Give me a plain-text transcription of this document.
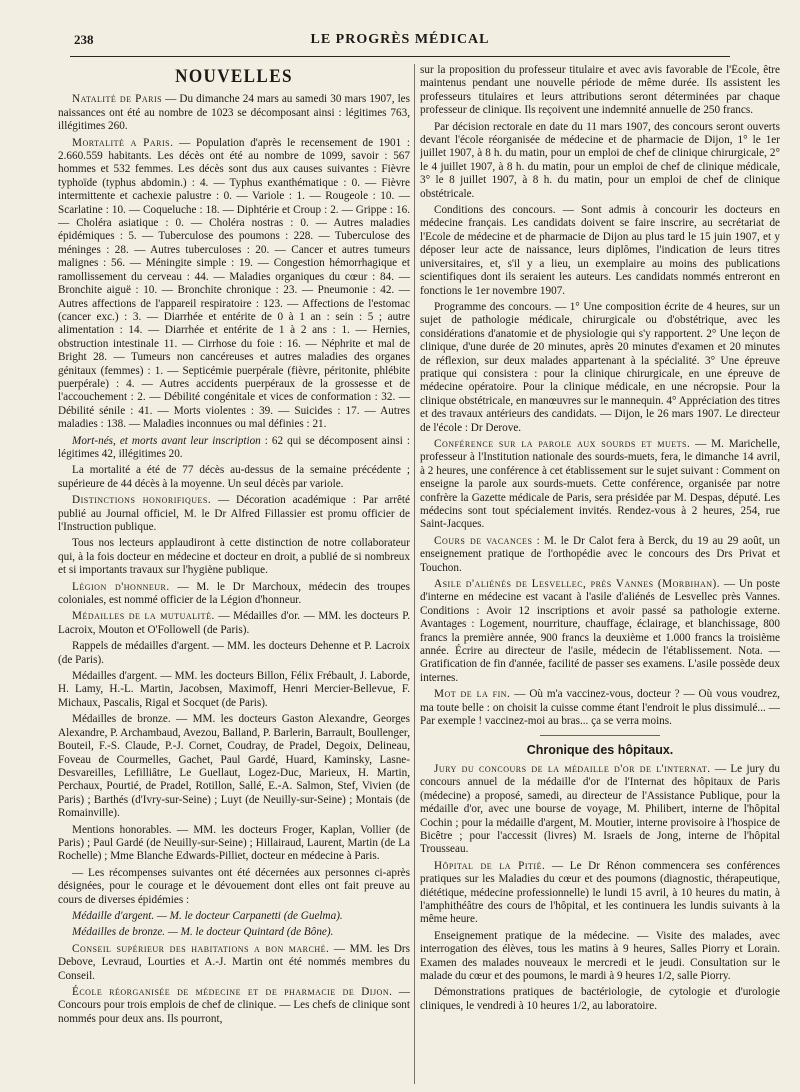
238	LE PROGRÈS MÉDICAL
NOUVELLES

Natalité de Paris — Du dimanche 24 mars au samedi 30 mars 1907, les naissances ont été au nombre de 1023 se décomposant ainsi : légitimes 763, illégitimes 260.

Mortalité a Paris. — Population d'après le recensement de 1901 : 2.660.559 habitants. Les décès ont été au nombre de 1099, savoir : 567 hommes et 532 femmes. Les décès sont dus aux causes suivantes : Fièvre typhoïde (typhus abdomin.) : 4. — Typhus exanthématique : 0. — Fièvre intermittente et cachexie palustre : 0. — Variole : 1. — Rougeole : 10. — Scarlatine : 10. — Coqueluche : 18. — Diphtérie et Croup : 2. — Grippe : 16. — Choléra asiatique : 0. — Choléra nostras : 0. — Autres maladies épidémiques : 5. — Tuberculose des poumons : 228. — Tuberculose des méninges : 28. — Autres tuberculoses : 20. — Cancer et autres tumeurs malignes : 56. — Méningite simple : 19. — Congestion hémorrhagique et ramollissement du cerveau : 44. — Maladies organiques du cœur : 84. — Bronchite aiguë : 10. — Bronchite chronique : 23. — Pneumonie : 42. — Autres affections de l'appareil respiratoire : 123. — Affections de l'estomac (cancer exc.) : 3. — Diarrhée et entérite de 0 à 1 an : sein : 5 ; autre alimentation : 14. — Diarrhée et entérite de 1 à 2 ans : 1. — Hernies, obstruction intestinale 11. — Cirrhose du foie : 16. — Néphrite et mal de Bright 28. — Tumeurs non cancéreuses et autres maladies des organes génitaux (femmes) : 1. — Septicémie puerpérale (fièvre, péritonite, phlébite puerpérale) : 4. — Autres accidents puerpéraux de la grossesse et de l'accouchement : 2. — Débilité congénitale et vices de conformation : 32. — Débilité sénile : 41. — Morts violentes : 39. — Suicides : 17. — Autres maladies : 138. — Maladies inconnues ou mal définies : 21.

Mort-nés, et morts avant leur inscription : 62 qui se décomposent ainsi : légitimes 42, illégitimes 20.

La mortalité a été de 77 décès au-dessus de la semaine précédente ; supérieure de 44 décès à la moyenne. Un seul décès par variole.

Distinctions honorifiques. — Décoration académique : Par arrêté publié au Journal officiel, M. le Dr Alfred Fillassier est promu officier de l'Instruction publique.

Tous nos lecteurs applaudiront à cette distinction de notre collaborateur qui, à la fois docteur en médecine et docteur en droit, a publié de si nombreux et si importants travaux sur l'hygiène publique.

Légion d'honneur. — M. le Dr Marchoux, médecin des troupes coloniales, est nommé officier de la Légion d'honneur.

Médailles de la mutualité. — Médailles d'or. — MM. les docteurs P. Lacroix, Mouton et O'Followell (de Paris).

Rappels de médailles d'argent. — MM. les docteurs Dehenne et P. Lacroix (de Paris).

Médailles d'argent. — MM. les docteurs Billon, Félix Frébault, J. Laborde, H. Lamy, H.-L. Martin, Jacobsen, Maximoff, Henri Mercier-Bellevue, F. Michaux, Pascalis, Rigal et Socquet (de Paris).

Médailles de bronze. — MM. les docteurs Gaston Alexandre, Georges Alexandre, P. Archambaud, Avezou, Balland, P. Barlerin, Barrault, Boullenger, Bouteil, F.-S. Claude, P.-J. Cornet, Coudray, de Pradel, Degoix, Delineau, Foveau de Courmelles, Gachet, Paul Gardé, Huard, Kaminsky, Lasne-Desvareilles, Lefilliâtre, Le Guellaut, Logez-Duc, Marieux, H. Martin, Perchaux, Pourtié, de Pradel, Rotillon, Sallé, E.-A. Salmon, Stef, Vivien (de Paris) ; Barthés (d'Ivry-sur-Seine) ; Luyt (de Neuilly-sur-Seine) ; Montais (de Romainville).

Mentions honorables. — MM. les docteurs Froger, Kaplan, Vollier (de Paris) ; Paul Gardé (de Neuilly-sur-Seine) ; Hillairaud, Laurent, Martin (de La Rochelle) ; Mme Blanche Edwards-Pilliet, docteur en médecine à Paris.

— Les récompenses suivantes ont été décernées aux personnes ci-après désignées, pour le courage et le dévouement dont elles ont fait preuve au cours de diverses épidémies :

Médaille d'argent. — M. le docteur Carpanetti (de Guelma).

Médailles de bronze. — M. le docteur Quintard (de Bône).

Conseil supérieur des habitations a bon marché. — MM. les Drs Debove, Levraud, Lourties et A.-J. Martin ont été nommés membres du Conseil.

École réorganisée de médecine et de pharmacie de Dijon. — Concours pour trois emplois de chef de clinique. — Les chefs de clinique sont nommés pour deux ans. Ils pourront,

sur la proposition du professeur titulaire et avec avis favorable de l'École, être maintenus pendant une nouvelle période de même durée. Ils assistent les professeurs titulaires et leurs attributions seront déterminées par chaque professeur de clinique. Ils reçoivent une indemnité annuelle de 250 francs.

Par décision rectorale en date du 11 mars 1907, des concours seront ouverts devant l'école réorganisée de médecine et de pharmacie de Dijon, 1° le 1er juillet 1907, à 8 h. du matin, pour un emploi de chef de clinique chirurgicale, 2° le 4 juillet 1907, à 8 h. du matin, pour un emploi de chef de clinique médicale, 3° le 8 juillet 1907, à 8 h. du matin, pour un emploi de chef de clinique obstétricale.

Conditions des concours. — Sont admis à concourir les docteurs en médecine français. Les candidats doivent se faire inscrire, au secrétariat de l'Ecole de médecine et de pharmacie de Dijon au plus tard le 15 juin 1907, et y déposer leur acte de naissance, leurs diplômes, l'indication de leurs titres universitaires, et, s'il y a lieu, un exemplaire au moins des publications scientifiques dont ils seraient les auteurs. Les candidats nommés entreront en fonctions le 1er novembre 1907.

Programme des concours. — 1° Une composition écrite de 4 heures, sur un sujet de pathologie médicale, chirurgicale ou d'obstétrique, avec les considérations d'anatomie et de physiologie qui s'y rapportent. 2° Une leçon de clinique, d'une durée de 20 minutes, après 20 minutes d'examen et 20 minutes de réflexion, sur deux malades appartenant à la spécialité. 3° Une épreuve pratique qui consistera : pour la clinique chirurgicale, en une épreuve de médecine opératoire. Pour la clinique médicale, en une nécropsie. Pour la clinique obstétricale, en manœuvres sur le mannequin. 4° Appréciation des titres et des travaux antérieurs des candidats. — Dijon, le 26 mars 1907. Le directeur de l'école : Dr Derove.

Conférence sur la parole aux sourds et muets. — M. Marichelle, professeur à l'Institution nationale des sourds-muets, fera, le dimanche 14 avril, à 2 heures, une conférence à cet établissement sur le sujet suivant : Comment on enseigne la parole aux sourds-muets. Cette conférence, organisée par notre confrère la Gazette médicale de Paris, sera présidée par M. Despas, député. Les médecins sont tout spécialement invités. Rendez-vous à 2 heures, 254, rue Saint-Jacques.

Cours de vacances : M. le Dr Calot fera à Berck, du 19 au 29 août, un enseignement pratique de l'orthopédie avec le concours des Drs Privat et Touchon.

Asile d'aliénés de Lesvellec, près Vannes (Morbihan). — Un poste d'interne en médecine est vacant à l'asile d'aliénés de Lesvellec près Vannes. Conditions : Avoir 12 inscriptions et avoir passé sa pathologie externe. Avantages : Logement, nourriture, chauffage, éclairage, et blanchissage, 800 francs la première année, 900 francs la deuxième et 1.000 francs la troisième année. Écrire au directeur de l'asile, médecin de l'établissement. Nota. — Gratification de fin d'année, facilité de passer ses examens. L'asile possède deux internes.

Mot de la fin. — Où m'a vaccinez-vous, docteur ? — Où vous voudrez, ma toute belle : on choisit la cuisse comme étant l'endroit le plus dissimulé... — Par exemple ! vaccinez-moi au bras... ça se verra moins.

Chronique des hôpitaux.

Jury du concours de la médaille d'or de l'internat. — Le jury du concours annuel de la médaille d'or de l'Internat des hôpitaux de Paris (médecine) a proposé, samedi, au directeur de l'Assistance Publique, pour la médaille d'or, avec une bourse de voyage, M. Philibert, interne de l'hôpital Cochin ; pour la médaille d'argent, M. Moutier, interne provisoire à l'hospice de Bicêtre ; pour l'accessit (livres) M. Israels de Jong, interne de l'hôpital Trousseau.

Hôpital de la Pitié. — Le Dr Rénon commencera ses conférences pratiques sur les Maladies du cœur et des poumons (diagnostic, thérapeutique, diététique, médecine professionnelle) le lundi 15 avril, à 10 heures du matin, à l'amphithéâtre des cours de l'hôpital, et les continuera les lundis suivants à la même heure.

Enseignement pratique de la médecine. — Visite des malades, avec interrogation des élèves, tous les matins à 9 heures, Salles Piorry et Lorain. Examen des malades nouveaux le mercredi et le jeudi. Consultation sur le malade du cœur et des poumons, le mardi à 9 heures 1/2, salle Piorry.

Démonstrations pratiques de bactériologie, de cytologie et d'urologie cliniques, le vendredi à 10 heures 1/2, au laboratoire.
